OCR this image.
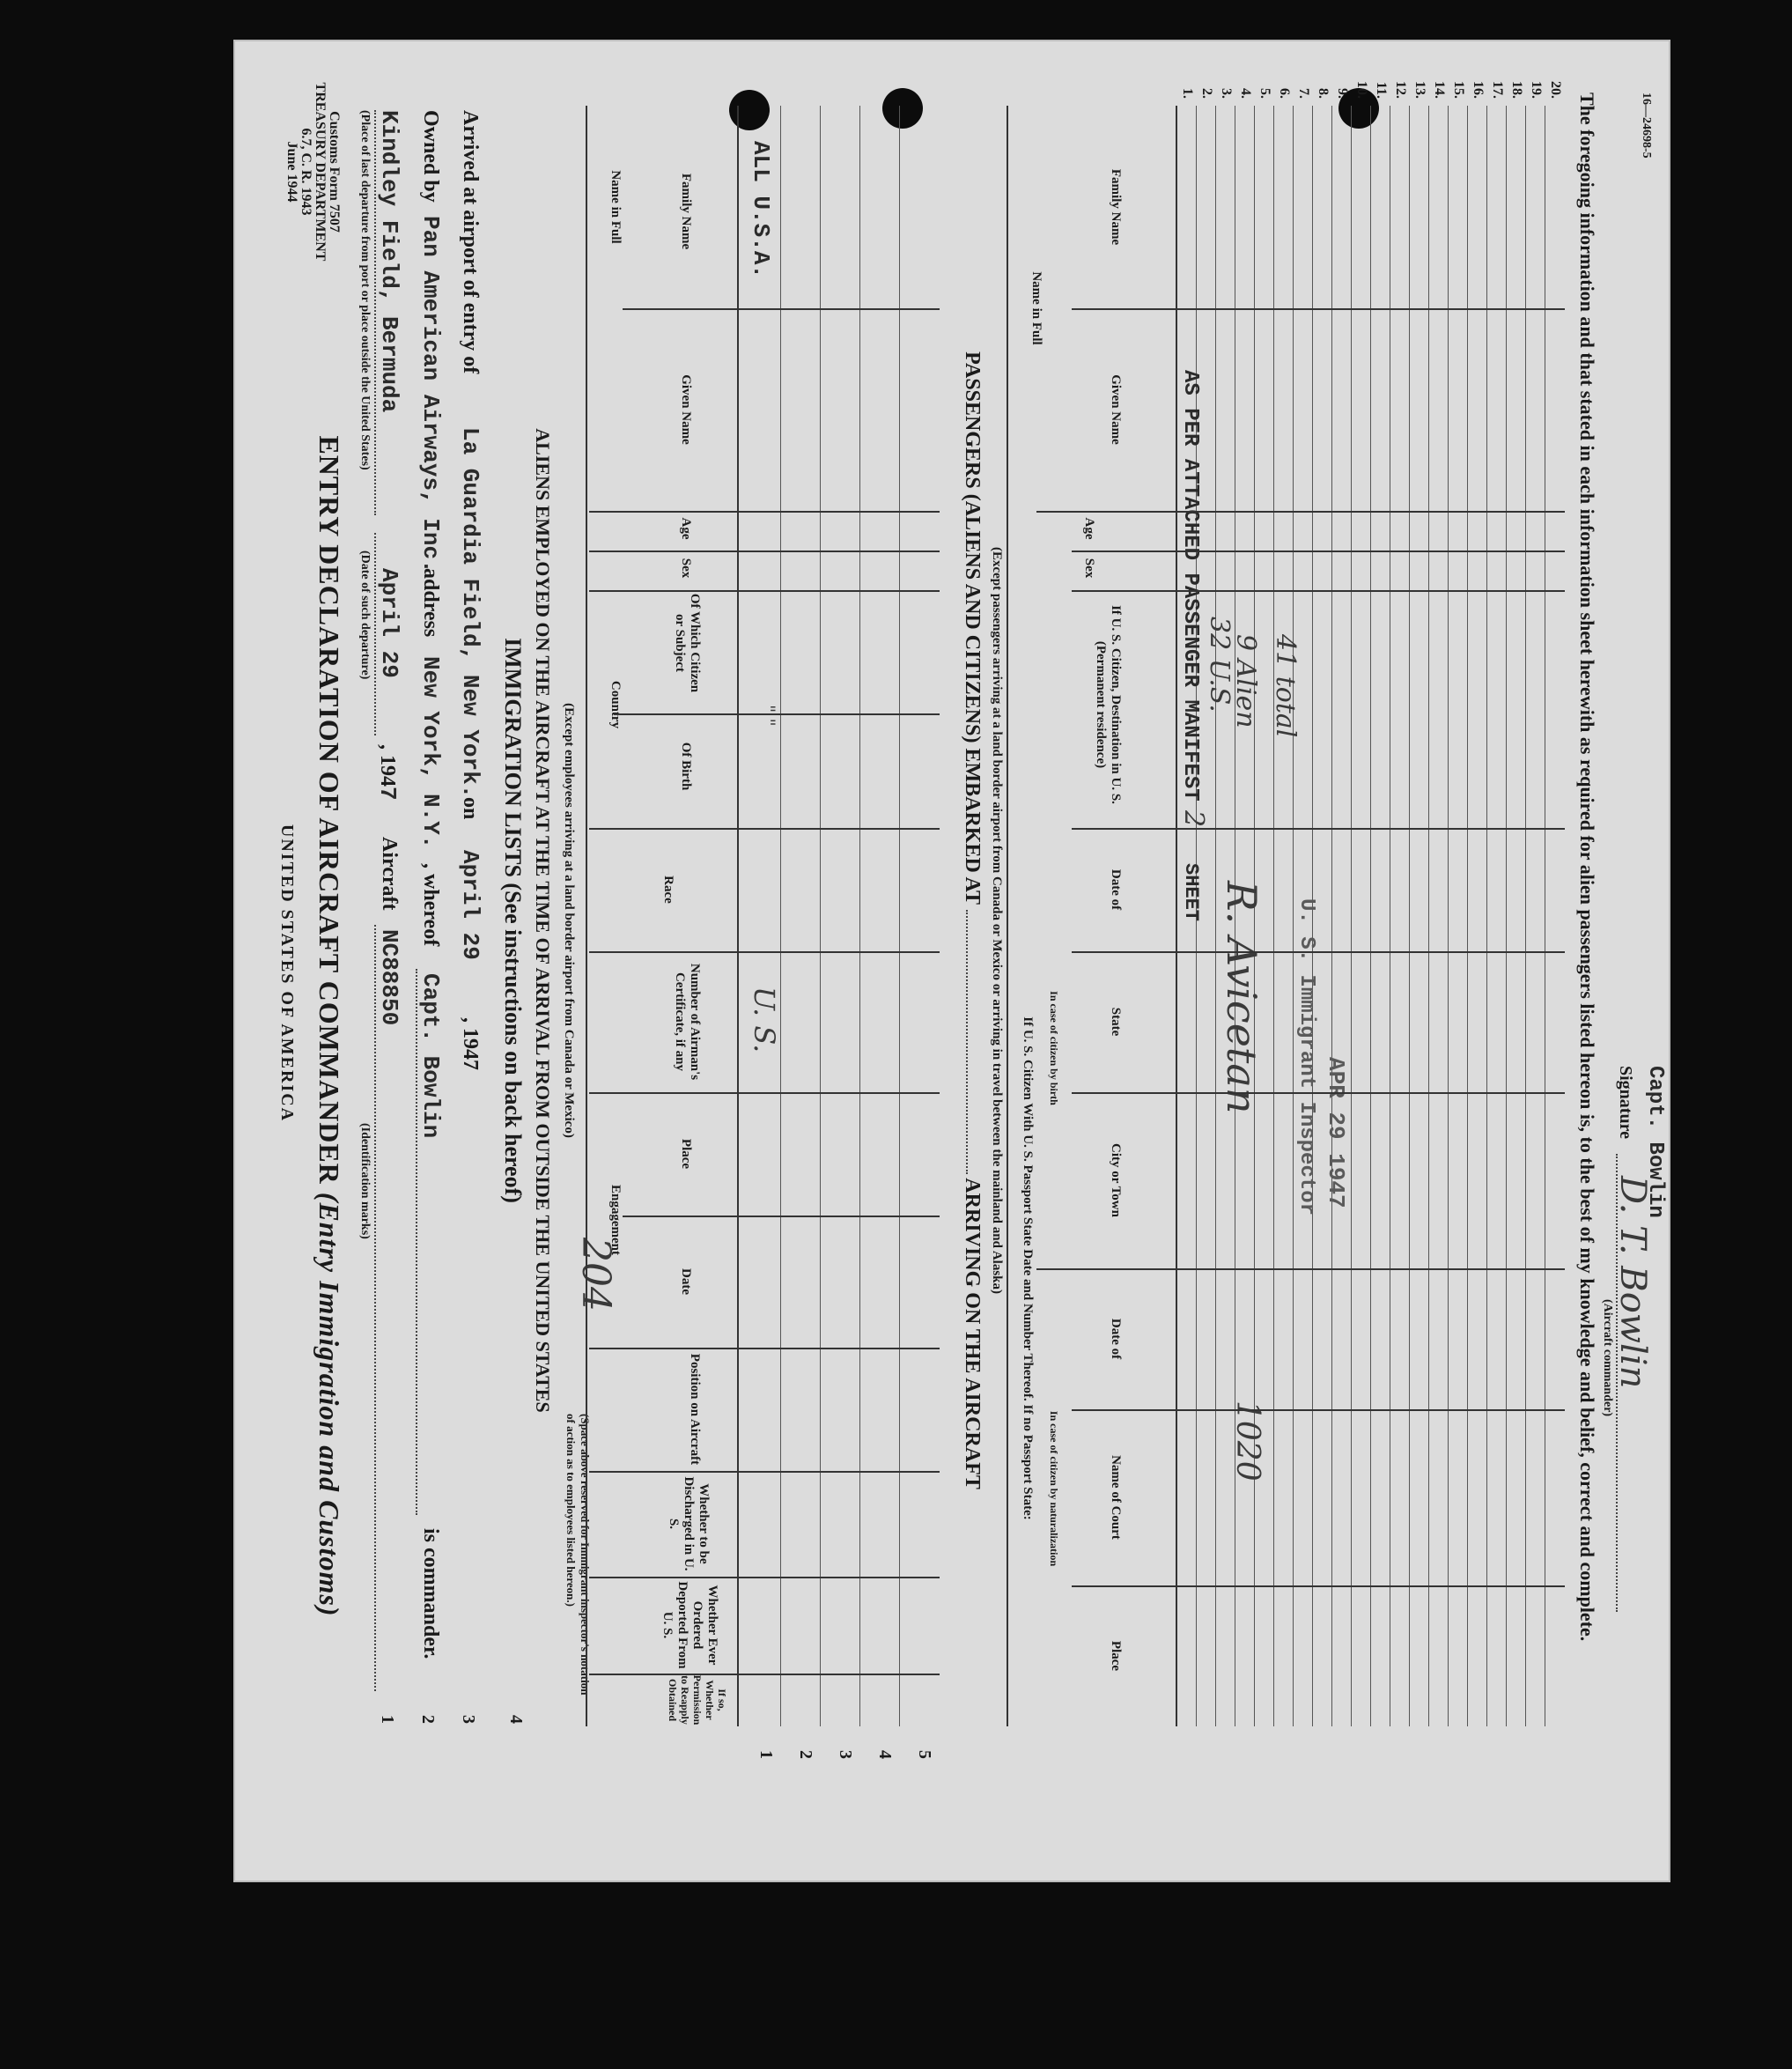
Customs Form 7507
TREASURY DEPARTMENT
6.7, C. R. 1943
June 1944
UNITED STATES OF AMERICA ENTRY DECLARATION OF AIRCRAFT COMMANDER (Entry Immigration and Customs)
Kindley Field, Bermuda
(Place of last departure from port or place outside the United States)
April 29
(Date of such departure)
, 1947
Aircraft
NC88850
(Identification marks)
1
Owned by
Pan American Airways, Inc.
address
New York, N.Y.
, whereof
Capt. Bowlin
is commander.
2
Arrived at airport of entry of
La Guardia Field, New York.
on
April 29
, 1947
3
IMMIGRATION LISTS (See instructions on back hereof) ALIENS EMPLOYED ON THE AIRCRAFT AT THE TIME OF ARRIVAL FROM OUTSIDE THE UNITED STATES (Except employees arriving at a land border airport from Canada or Mexico)
4
204
(Space above reserved for Immigrant inspector's notation of action as to employees listed hereon.)
Name in Full	Family Name
Given Name
Age
Sex
Country
Of Which Citizen or Subject
Of Birth
Race
Number of Airman's Certificate, if any
Engagement
Place
Date
Position on Aircraft
Whether to be Discharged in U. S.
Whether Ever Ordered Deported From U. S.
If so, Whether Permission to Reapply Obtained
ALL U.S.A.
U. S.
" "
1 2 3 4 5
PASSENGERS (ALIENS AND CITIZENS) EMBARKED AT  ARRIVING ON THE AIRCRAFT
(Except passengers arriving at a land border airport from Canada or Mexico or arriving in travel between the mainland and Alaska)
Name in Full
Family Name
Given Name
Age
Sex
If U. S. Citizen, Destination in U. S. (Permanent residence)
If U. S. Citizen With U. S. Passport State Date and Number Thereof. If no Passport State: In case of citizen by birth
In case of citizen by naturalization
Date of
State
City or Town
Date of
Name of Court
Place
AS PER ATTACHED PASSENGER MANIFEST
2
SHEET
32 U.S.
9 Alien 41 total
R. Avicetan
1020
U. S. Immigrant Inspector APR 29 1947
1. 2. 3. 4. 5. 6. 7. 8. 9. 10. 11. 12. 13. 14. 15. 16. 17. 18. 19. 20.
The foregoing information and that stated in each information sheet herewith as required for alien passengers listed hereon is, to the best of my knowledge and belief, correct and complete.	16—24698-5
Signature
D. T. Bowlin
(Aircraft commander)
Capt. Bowlin
